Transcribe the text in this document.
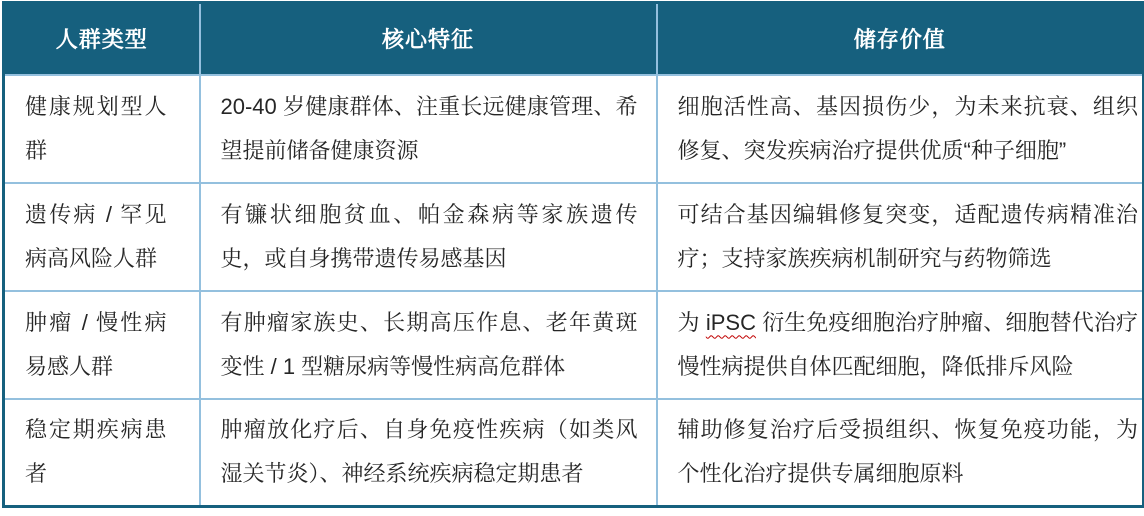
人群类型	核心特征	储存价值
健康规划型人群	20-40 岁健康群体、注重长远健康管理、希望提前储备健康资源	细胞活性高、基因损伤少，为未来抗衰、组织修复、突发疾病治疗提供优质“种子细胞”
遗传病 / 罕见病高风险人群	有镰状细胞贫血、帕金森病等家族遗传史，或自身携带遗传易感基因	可结合基因编辑修复突变，适配遗传病精准治疗；支持家族疾病机制研究与药物筛选
肿瘤 / 慢性病易感人群	有肿瘤家族史、长期高压作息、老年黄斑变性 / 1 型糖尿病等慢性病高危群体	为 iPSC 衍生免疫细胞治疗肿瘤、细胞替代治疗慢性病提供自体匹配细胞，降低排斥风险
稳定期疾病患者	肿瘤放化疗后、自身免疫性疾病（如类风湿关节炎）、神经系统疾病稳定期患者	辅助修复治疗后受损组织、恢复免疫功能，为个性化治疗提供专属细胞原料
